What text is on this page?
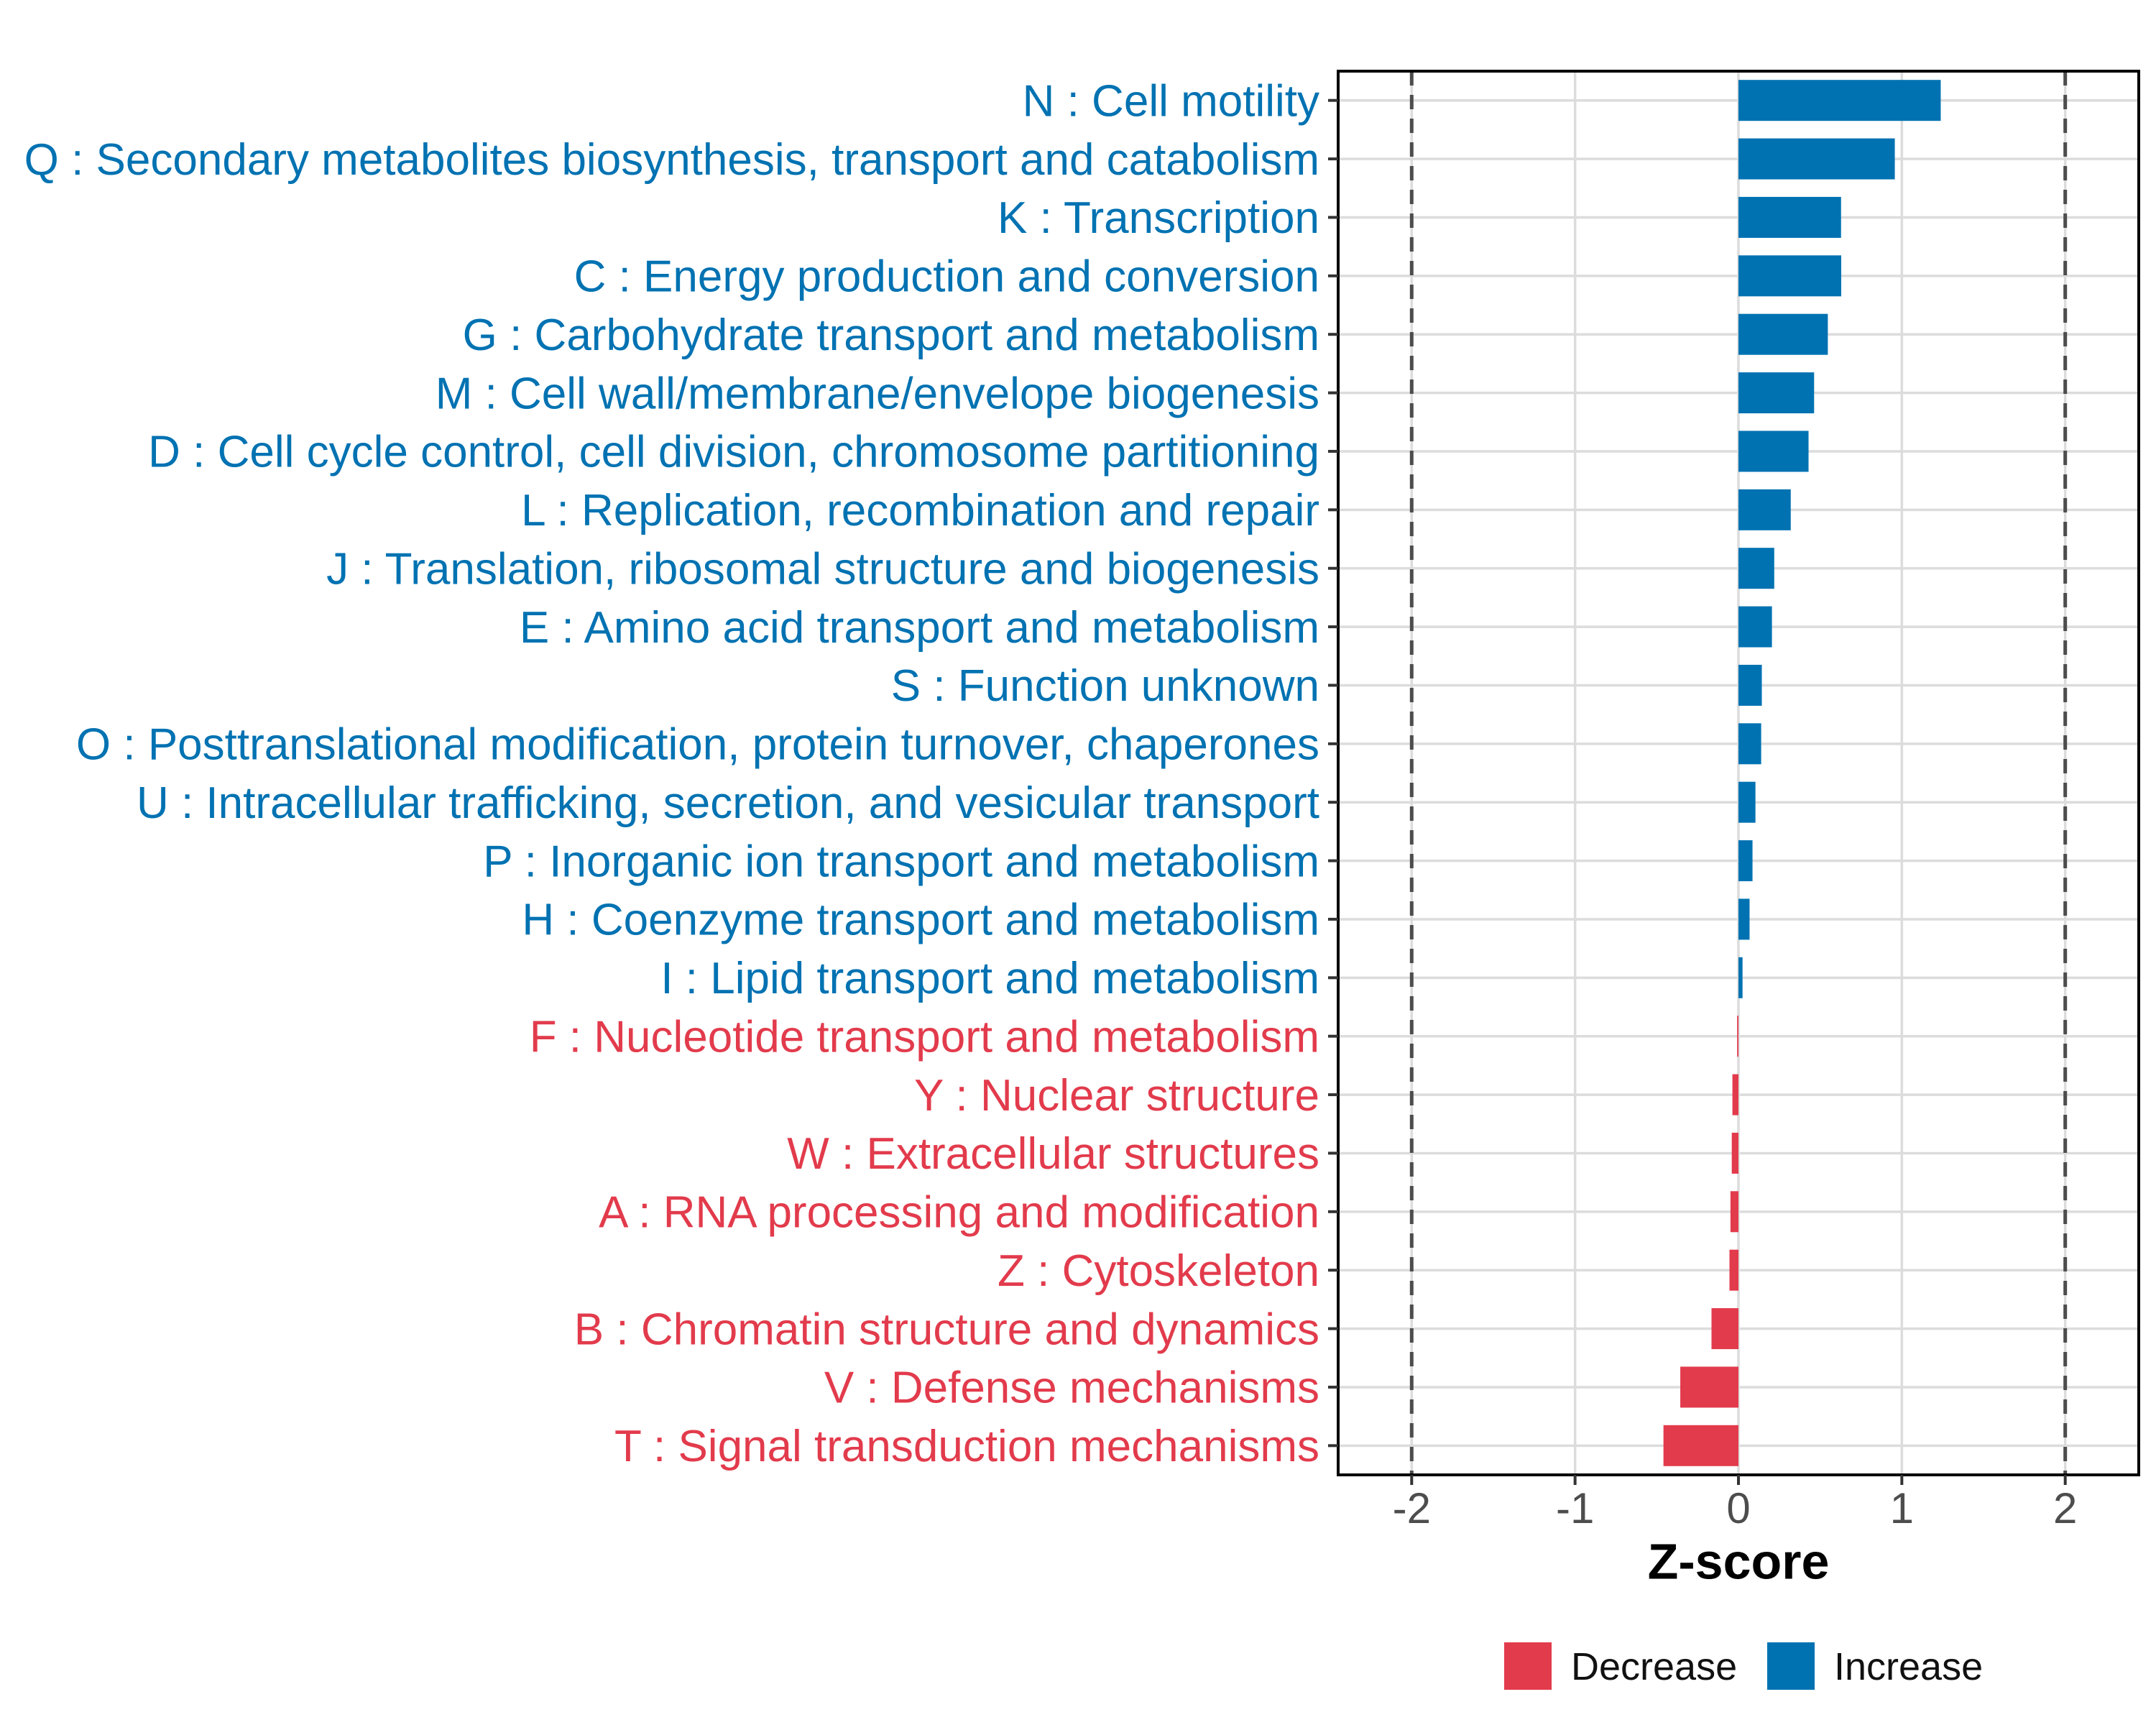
-2	-1	0	1	2
N : Cell motility
Q : Secondary metabolites biosynthesis, transport and catabolism
K : Transcription
C : Energy production and conversion
G : Carbohydrate transport and metabolism
M : Cell wall/membrane/envelope biogenesis
D : Cell cycle control, cell division, chromosome partitioning
L : Replication, recombination and repair
J : Translation, ribosomal structure and biogenesis
E : Amino acid transport and metabolism
S : Function unknown
O : Posttranslational modification, protein turnover, chaperones
U : Intracellular trafficking, secretion, and vesicular transport
P : Inorganic ion transport and metabolism
H : Coenzyme transport and metabolism
I : Lipid transport and metabolism
F : Nucleotide transport and metabolism
Y : Nuclear structure
W : Extracellular structures
A : RNA processing and modification
Z : Cytoskeleton
B : Chromatin structure and dynamics
V : Defense mechanisms
T : Signal transduction mechanisms
Z-score
Decrease Increase
